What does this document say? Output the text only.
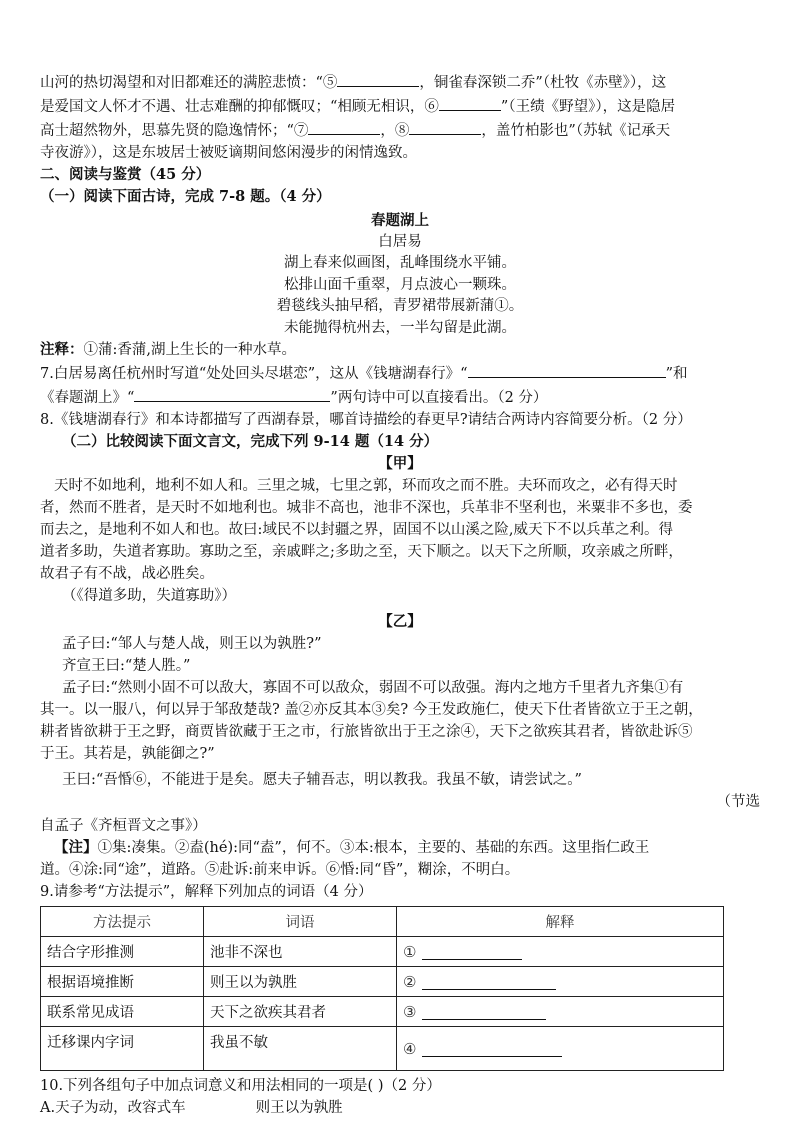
山河的热切渴望和对旧都难还的满腔悲愤：“⑤	，铜雀春深锁二乔”（杜牧《赤壁》），这

是爱国文人怀才不遇、壮志难酬的抑郁慨叹；“相顾无相识，⑥	”（王绩《野望》），这是隐居

高士超然物外，思慕先贤的隐逸情怀；“⑦	，⑧	，盖竹柏影也”（苏轼《记承天

寺夜游》），这是东坡居士被贬谪期间悠闲漫步的闲情逸致。

二、阅读与鉴赏（45 分）

（一）阅读下面古诗，完成 7-8 题。（4 分）

春题湖上

白居易

湖上春来似画图，乱峰围绕水平铺。

松排山面千重翠，月点波心一颗珠。

碧毯线头抽早稻，青罗裙带展新蒲①。

未能抛得杭州去，一半勾留是此湖。

注释：①蒲:香蒲,湖上生长的一种水草。

7.白居易离任杭州时写道“处处回头尽堪恋”，这从《钱塘湖春行》“	”和

《春题湖上》“	”两句诗中可以直接看出。（2 分）

8.《钱塘湖春行》和本诗都描写了西湖春景，哪首诗描绘的春更早?请结合两诗内容简要分析。（2 分）

（二）比较阅读下面文言文，完成下列 9-14 题（14 分）

【甲】

天时不如地利，地利不如人和。三里之城，七里之郭，环而攻之而不胜。夫环而攻之，必有得天时

者，然而不胜者，是天时不如地利也。城非不高也，池非不深也，兵革非不坚利也，米粟非不多也，委

而去之，是地利不如人和也。故曰:域民不以封疆之界，固国不以山溪之险,威天下不以兵革之利。得

道者多助，失道者寡助。寡助之至，亲戚畔之;多助之至，天下顺之。以天下之所顺，攻亲戚之所畔，

故君子有不战，战必胜矣。

（《得道多助，失道寡助》）

【乙】

孟子曰:“邹人与楚人战，则王以为孰胜?”

齐宣王曰:“楚人胜。”

孟子曰:“然则小固不可以敌大，寡固不可以敌众，弱固不可以敌强。海内之地方千里者九齐集①有

其一。以一服八，何以异于邹敌楚哉? 盖②亦反其本③矣? 今王发政施仁，使天下仕者皆欲立于王之朝，

耕者皆欲耕于王之野，商贾皆欲藏于王之市，行旅皆欲出于王之涂④，天下之欲疾其君者，皆欲赴诉⑤

于王。其若是，孰能御之?”

王曰:“吾惛⑥，不能进于是矣。愿夫子辅吾志，明以教我。我虽不敏，请尝试之。”

（节选

自孟子《齐桓晋文之事》）

【注】①集:凑集。②盍(hé):同“盍”，何不。③本:根本，主要的、基础的东西。这里指仁政王

道。④涂:同“途”，道路。⑤赴诉:前来申诉。⑥惛:同“昏”，糊涂，不明白。

9.请参考“方法提示”，解释下列加点的词语（4 分）

方法提示	词语	解释
结合字形推测	池非不深也	①
根据语境推断	则王以为孰胜	②
联系常见成语	天下之欲疾其君者	③
迁移课内字词	我虽不敏	④

10.下列各组句子中加点词意义和用法相同的一项是( )（2 分）

A.天子为动，改容式车	则王以为孰胜
